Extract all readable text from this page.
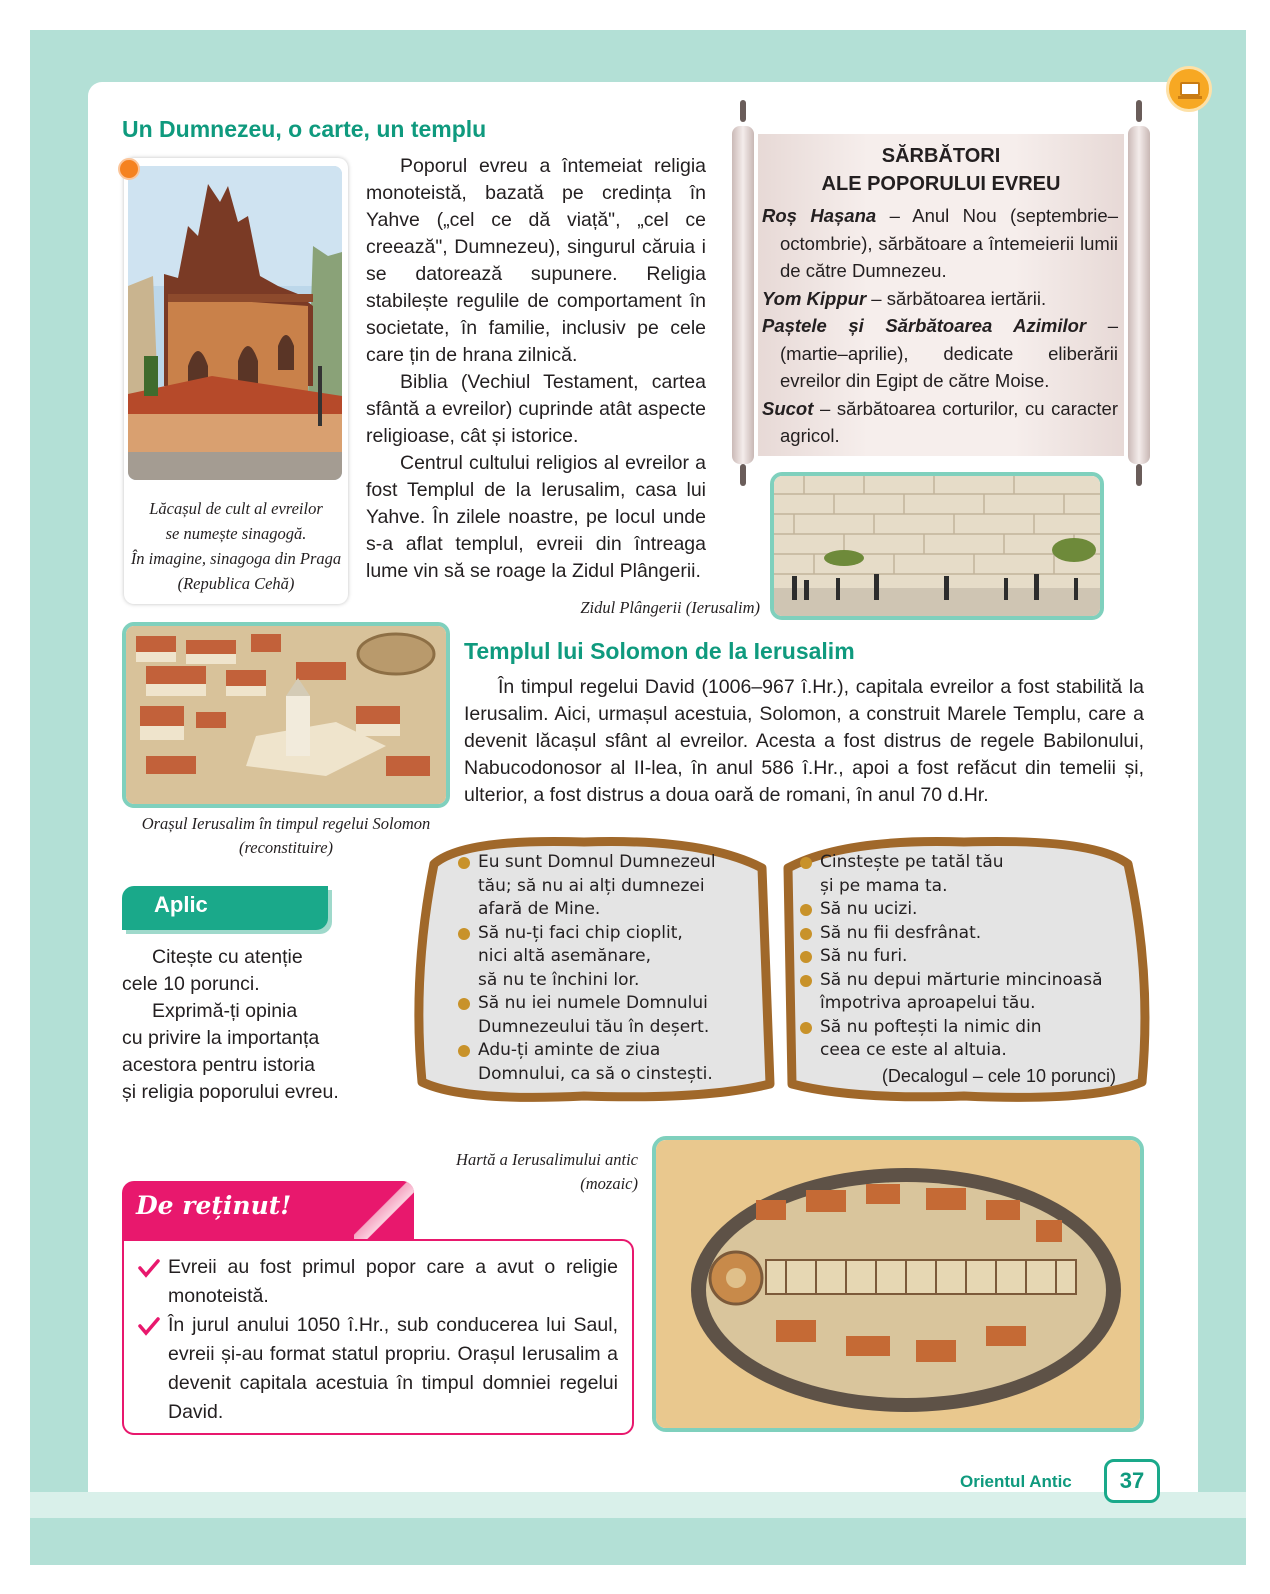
Un Dumnezeu, o carte, un templu
Lăcașul de cult al evreilor
se numește sinagogă.
În imagine, sinagoga din Praga
(Republica Cehă)

Poporul evreu a întemeiat religia monoteistă, bazată pe credința în Yahve („cel ce dă viață", „cel ce creează", Dumnezeu), singurul căruia i se datorează supunere. Religia stabilește regulile de comportament în societate, în familie, inclusiv pe cele care țin de hrana zilnică.

Biblia (Vechiul Testament, cartea sfântă a evreilor) cuprinde atât aspecte religioase, cât și istorice.

Centrul cultului religios al evreilor a fost Templul de la Ierusalim, casa lui Yahve. În zilele noastre, pe locul unde s-a aflat templul, evreii din întreaga lume vin să se roage la Zidul Plângerii.

SĂRBĂTORI
ALE POPORULUI EVREU

Roș Hașana – Anul Nou (septembrie–octombrie), sărbătoare a întemeierii lumii de către Dumnezeu.

Yom Kippur – sărbătoarea iertării.

Paștele și Sărbătoarea Azimilor – (martie–aprilie), dedicate eliberării evreilor din Egipt de către Moise.

Sucot – sărbătoarea corturilor, cu caracter agricol.

Zidul Plângerii (Ierusalim)
Orașul Ierusalim în timpul regelui Solomon
(reconstituire)
Templul lui Solomon de la Ierusalim

În timpul regelui David (1006–967 î.Hr.), capitala evreilor a fost stabilită la Ierusalim. Aici, urmașul acestuia, Solomon, a construit Marele Templu, care a devenit lăcașul sfânt al evreilor. Acesta a fost distrus de regele Babilonului, Nabucodonosor al II-lea, în anul 586 î.Hr., apoi a fost refăcut din temelii și, ulterior, a fost distrus a doua oară de romani, în anul 70 d.Hr.

Aplic
Citește cu atenție
cele 10 porunci.
Exprimă-ți opinia
cu privire la importanța
acestora pentru istoria
și religia poporului evreu.
Eu sunt Domnul Dumnezeul
tău; să nu ai alți dumnezei
afară de Mine.
Să nu-ți faci chip cioplit,
nici altă asemănare,
să nu te închini lor.
Să nu iei numele Domnului
Dumnezeului tău în deșert.
Adu-ți aminte de ziua
Domnului, ca să o cinstești.
Cinstește pe tatăl tău
și pe mama ta.
Să nu ucizi.
Să nu fii desfrânat.
Să nu furi.
Să nu depui mărturie mincinoasă
împotriva aproapelui tău.
Să nu poftești la nimic din
ceea ce este al altuia.
(Decalogul – cele 10 porunci)
Hartă a Ierusalimului antic
(mozaic)
De reținut!
Evreii au fost primul popor care a avut o religie monoteistă.
În jurul anului 1050 î.Hr., sub conducerea lui Saul, evreii și-au format statul propriu. Orașul Ierusalim a devenit capitala acestuia în timpul domniei regelui David.
Orientul Antic	37
